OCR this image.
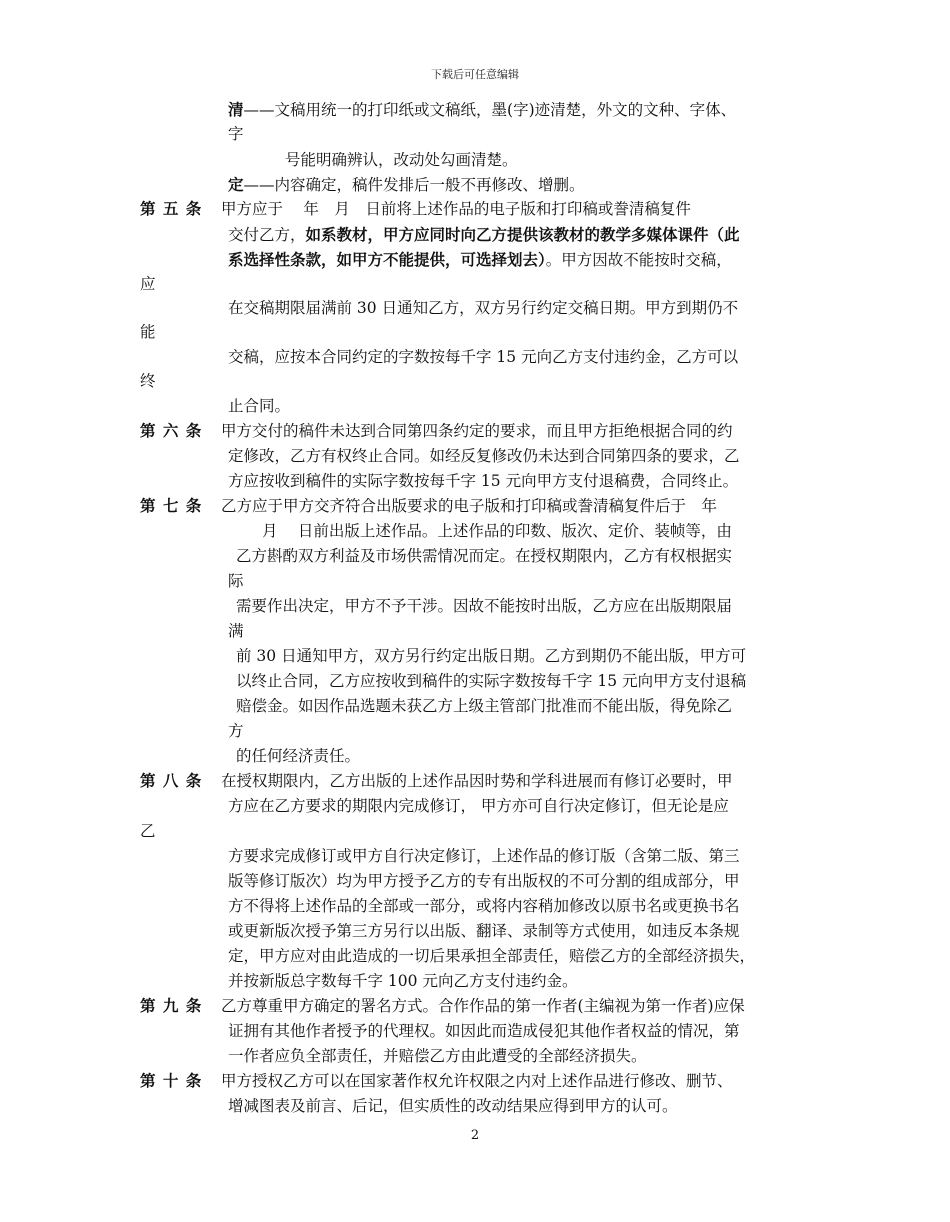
下载后可任意编辑
清——文稿用统一的打印纸或文稿纸，墨(字)迹清楚，外文的文种、字体、
字
号能明确辨认，改动处勾画清楚。
定——内容确定，稿件发排后一般不再修改、增删。
第 五 条 甲方应于　 年　月　日前将上述作品的电子版和打印稿或誊清稿复件
交付乙方，如系教材，甲方应同时向乙方提供该教材的教学多媒体课件（此
系选择性条款，如甲方不能提供，可选择划去）。甲方因故不能按时交稿，
应
在交稿期限届满前 30 日通知乙方，双方另行约定交稿日期。甲方到期仍不
能
交稿，应按本合同约定的字数按每千字 15 元向乙方支付违约金，乙方可以
终
止合同。
第 六 条 甲方交付的稿件未达到合同第四条约定的要求，而且甲方拒绝根据合同的约
定修改，乙方有权终止合同。如经反复修改仍未达到合同第四条的要求，乙
方应按收到稿件的实际字数按每千字 15 元向甲方支付退稿费，合同终止。
第 七 条 乙方应于甲方交齐符合出版要求的电子版和打印稿或誊清稿复件后于　年
月　 日前出版上述作品。上述作品的印数、版次、定价、装帧等，由
乙方斟酌双方利益及市场供需情况而定。在授权期限内，乙方有权根据实
际
需要作出决定，甲方不予干涉。因故不能按时出版，乙方应在出版期限届
满
前 30 日通知甲方，双方另行约定出版日期。乙方到期仍不能出版，甲方可
以终止合同，乙方应按收到稿件的实际字数按每千字 15 元向甲方支付退稿
赔偿金。如因作品选题未获乙方上级主管部门批准而不能出版，得免除乙
方
的任何经济责任。
第 八 条 在授权期限内，乙方出版的上述作品因时势和学科进展而有修订必要时，甲
方应在乙方要求的期限内完成修订， 甲方亦可自行决定修订，但无论是应
乙
方要求完成修订或甲方自行决定修订，上述作品的修订版（含第二版、第三
版等修订版次）均为甲方授予乙方的专有出版权的不可分割的组成部分，甲
方不得将上述作品的全部或一部分，或将内容稍加修改以原书名或更换书名
或更新版次授予第三方另行以出版、翻译、录制等方式使用，如违反本条规
定，甲方应对由此造成的一切后果承担全部责任，赔偿乙方的全部经济损失，
并按新版总字数每千字 100 元向乙方支付违约金。
第 九 条 乙方尊重甲方确定的署名方式。合作作品的第一作者(主编视为第一作者)应保
证拥有其他作者授予的代理权。如因此而造成侵犯其他作者权益的情况，第
一作者应负全部责任，并赔偿乙方由此遭受的全部经济损失。
第 十 条 甲方授权乙方可以在国家著作权允许权限之内对上述作品进行修改、删节、
增减图表及前言、后记，但实质性的改动结果应得到甲方的认可。
2
